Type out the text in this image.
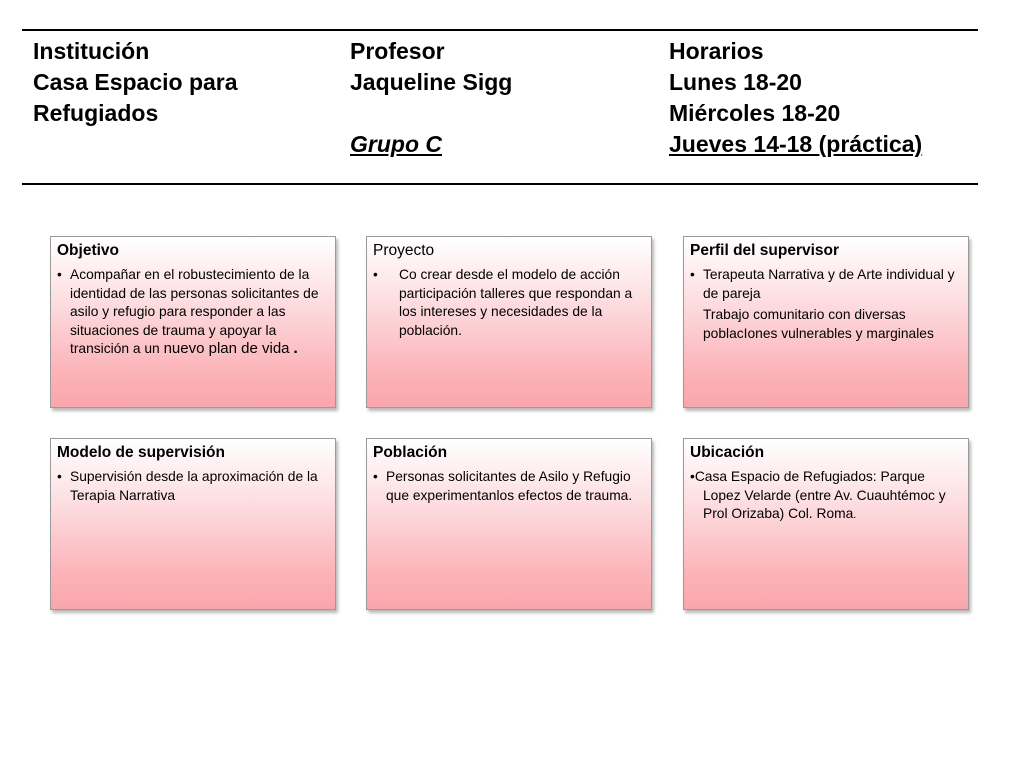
Institución
Casa Espacio para
Refugiados
Profesor
Jaqueline Sigg
Grupo C
Horarios
Lunes 18-20
Miércoles 18-20
Jueves 14-18 (práctica)
Objetivo
• Acompañar en el robustecimiento de la identidad de las personas solicitantes de asilo y refugio para responder a las situaciones de trauma y apoyar la transición a un nuevo plan de vida .
Proyecto
• Co crear desde el modelo de acción participación talleres que respondan a los intereses y necesidades de la población.
Perfil del supervisor
• Terapeuta Narrativa y de Arte individual y de pareja
Trabajo comunitario con diversas poblacIones vulnerables y marginales
Modelo de supervisión
• Supervisión desde la aproximación de la Terapia Narrativa
Población
• Personas solicitantes de Asilo y Refugio que experimentanlos efectos de trauma.
Ubicación
•Casa Espacio de Refugiados: Parque Lopez Velarde (entre Av. Cuauhtémoc y Prol Orizaba) Col. Roma.
